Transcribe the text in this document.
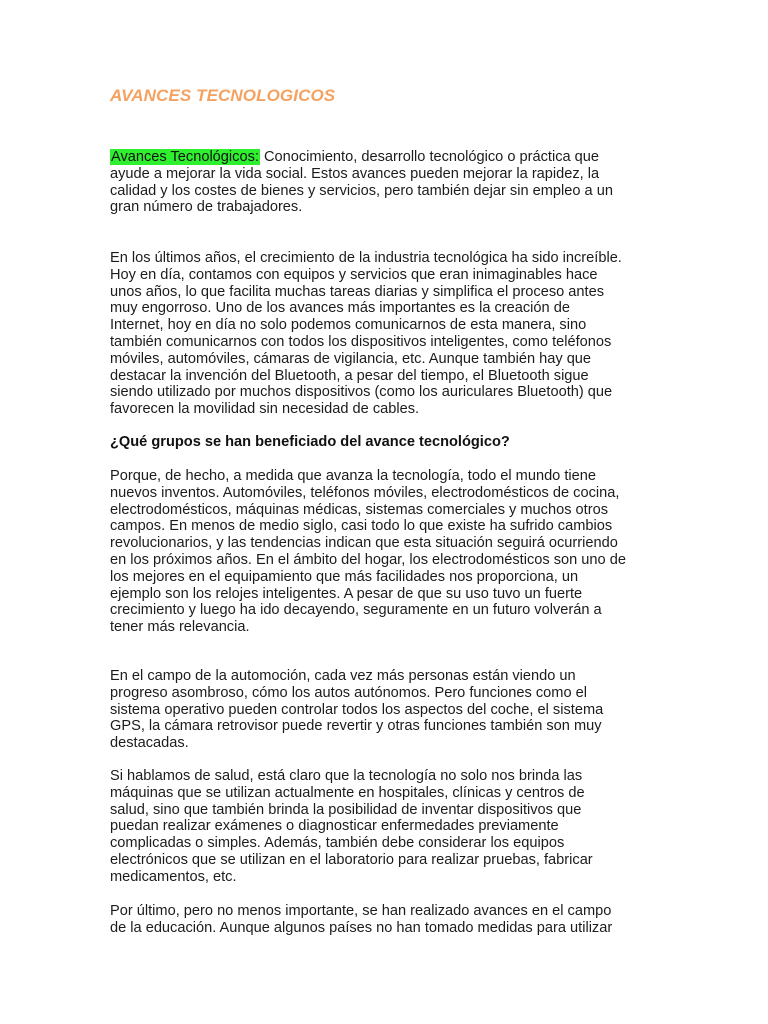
AVANCES TECNOLOGICOS

Avances Tecnológicos: Conocimiento, desarrollo tecnológico o práctica que
ayude a mejorar la vida social. Estos avances pueden mejorar la rapidez, la
calidad y los costes de bienes y servicios, pero también dejar sin empleo a un
gran número de trabajadores.

En los últimos años, el crecimiento de la industria tecnológica ha sido increíble.
Hoy en día, contamos con equipos y servicios que eran inimaginables hace
unos años, lo que facilita muchas tareas diarias y simplifica el proceso antes
muy engorroso. Uno de los avances más importantes es la creación de
Internet, hoy en día no solo podemos comunicarnos de esta manera, sino
también comunicarnos con todos los dispositivos inteligentes, como teléfonos
móviles, automóviles, cámaras de vigilancia, etc. Aunque también hay que
destacar la invención del Bluetooth, a pesar del tiempo, el Bluetooth sigue
siendo utilizado por muchos dispositivos (como los auriculares Bluetooth) que
favorecen la movilidad sin necesidad de cables.

¿Qué grupos se han beneficiado del avance tecnológico?

Porque, de hecho, a medida que avanza la tecnología, todo el mundo tiene
nuevos inventos. Automóviles, teléfonos móviles, electrodomésticos de cocina,
electrodomésticos, máquinas médicas, sistemas comerciales y muchos otros
campos. En menos de medio siglo, casi todo lo que existe ha sufrido cambios
revolucionarios, y las tendencias indican que esta situación seguirá ocurriendo
en los próximos años. En el ámbito del hogar, los electrodomésticos son uno de
los mejores en el equipamiento que más facilidades nos proporciona, un
ejemplo son los relojes inteligentes. A pesar de que su uso tuvo un fuerte
crecimiento y luego ha ido decayendo, seguramente en un futuro volverán a
tener más relevancia.

En el campo de la automoción, cada vez más personas están viendo un
progreso asombroso, cómo los autos autónomos. Pero funciones como el
sistema operativo pueden controlar todos los aspectos del coche, el sistema
GPS, la cámara retrovisor puede revertir y otras funciones también son muy
destacadas.

Si hablamos de salud, está claro que la tecnología no solo nos brinda las
máquinas que se utilizan actualmente en hospitales, clínicas y centros de
salud, sino que también brinda la posibilidad de inventar dispositivos que
puedan realizar exámenes o diagnosticar enfermedades previamente
complicadas o simples. Además, también debe considerar los equipos
electrónicos que se utilizan en el laboratorio para realizar pruebas, fabricar
medicamentos, etc.

Por último, pero no menos importante, se han realizado avances en el campo
de la educación. Aunque algunos países no han tomado medidas para utilizar
